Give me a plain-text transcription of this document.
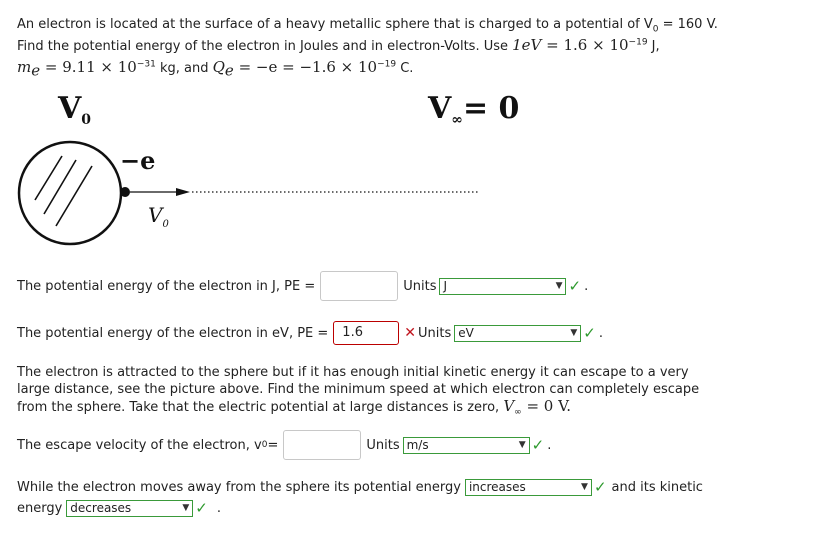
An electron is located at the surface of a heavy metallic sphere that is charged to a potential of $V_0 = 160$ V.
Find the potential energy of the electron in Joules and in electron-Volts. Use $1eV = 1.6 \times 10^{-19}$ J,
$m_e = 9.11 \times 10^{-31}$ kg, and $Q_e = -e = -1.6 \times 10^{-19}$ C.
$V_0$	$V_\infty= 0$
−e
$V_0$
The potential energy of the electron in J, PE =	Units J	▼ ✓ .
The potential energy of the electron in eV, PE =	1.6	✕ Units eV	▼ ✓ .
The electron is attracted to the sphere but if it has enough initial kinetic energy it can escape to a very large distance, see the picture above. Find the minimum speed at which electron can completely escape from the sphere. Take that the electric potential at large distances is zero, $V_\infty = 0$ V.
The escape velocity of the electron, v 0 =	Units m/s	▼ ✓ .
While the electron moves away from the sphere its potential energy increases	▼ ✓ and its kinetic
energy decreases	▼ ✓ .
